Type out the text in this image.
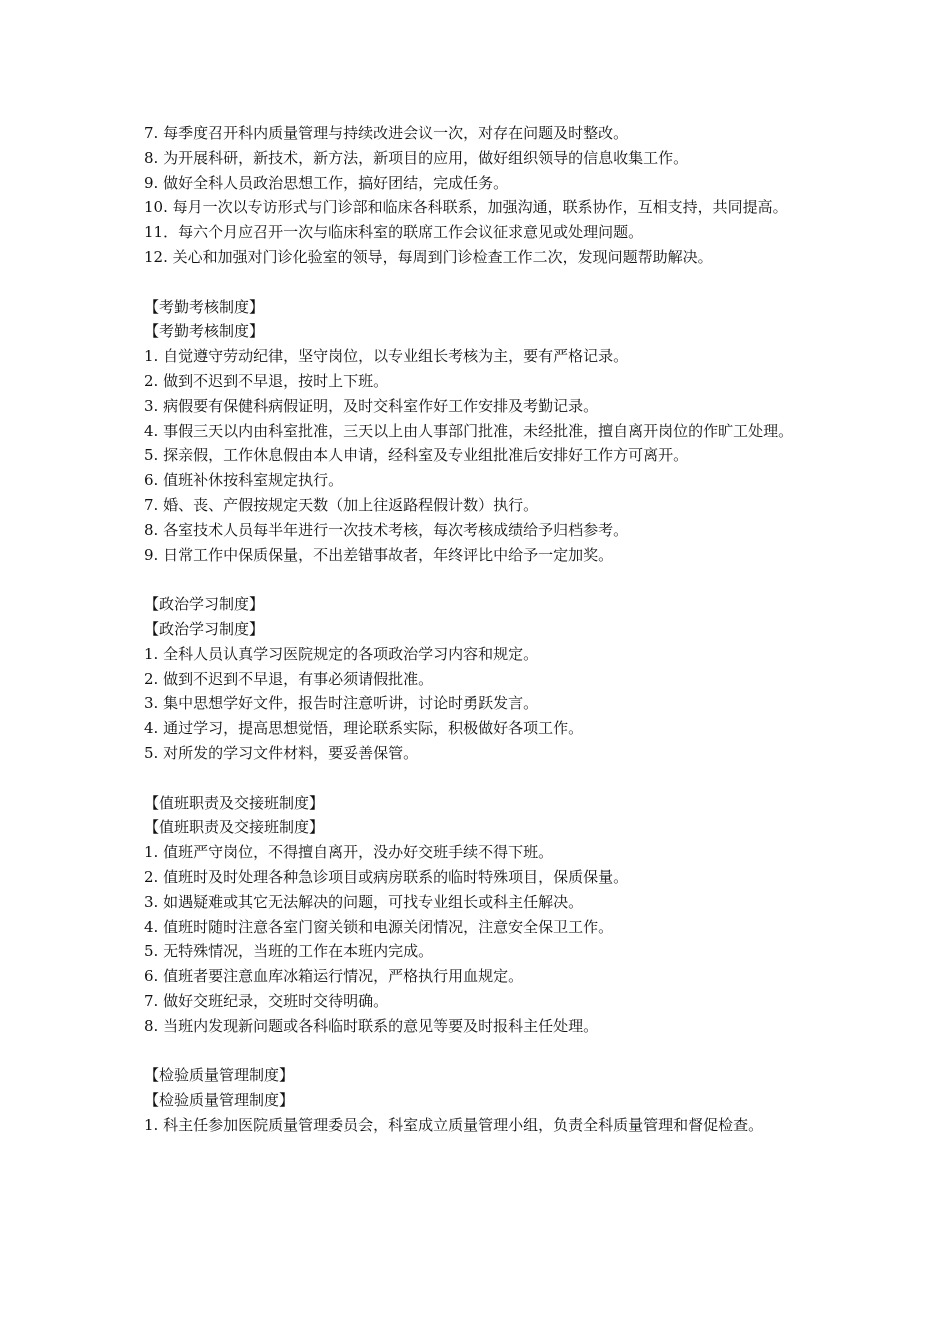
7. 每季度召开科内质量管理与持续改进会议一次，对存在问题及时整改。
8. 为开展科研，新技术，新方法，新项目的应用，做好组织领导的信息收集工作。
9. 做好全科人员政治思想工作，搞好团结，完成任务。
10. 每月一次以专访形式与门诊部和临床各科联系，加强沟通，联系协作，互相支持，共同提高。
11．每六个月应召开一次与临床科室的联席工作会议征求意见或处理问题。
12. 关心和加强对门诊化验室的领导，每周到门诊检查工作二次，发现问题帮助解决。
【考勤考核制度】
【考勤考核制度】
1. 自觉遵守劳动纪律，坚守岗位，以专业组长考核为主，要有严格记录。
2. 做到不迟到不早退，按时上下班。
3. 病假要有保健科病假证明，及时交科室作好工作安排及考勤记录。
4. 事假三天以内由科室批准，三天以上由人事部门批准，未经批准，擅自离开岗位的作旷工处理。
5. 探亲假，工作休息假由本人申请，经科室及专业组批准后安排好工作方可离开。
6. 值班补休按科室规定执行。
7. 婚、丧、产假按规定天数（加上往返路程假计数）执行。
8. 各室技术人员每半年进行一次技术考核，每次考核成绩给予归档参考。
9. 日常工作中保质保量，不出差错事故者，年终评比中给予一定加奖。
【政治学习制度】
【政治学习制度】
1. 全科人员认真学习医院规定的各项政治学习内容和规定。
2. 做到不迟到不早退，有事必须请假批准。
3. 集中思想学好文件，报告时注意听讲，讨论时勇跃发言。
4. 通过学习，提高思想觉悟，理论联系实际，积极做好各项工作。
5. 对所发的学习文件材料，要妥善保管。
【值班职责及交接班制度】
【值班职责及交接班制度】
1. 值班严守岗位，不得擅自离开，没办好交班手续不得下班。
2. 值班时及时处理各种急诊项目或病房联系的临时特殊项目，保质保量。
3. 如遇疑难或其它无法解决的问题，可找专业组长或科主任解决。
4. 值班时随时注意各室门窗关锁和电源关闭情况，注意安全保卫工作。
5. 无特殊情况，当班的工作在本班内完成。
6. 值班者要注意血库冰箱运行情况，严格执行用血规定。
7. 做好交班纪录，交班时交待明确。
8. 当班内发现新问题或各科临时联系的意见等要及时报科主任处理。
【检验质量管理制度】
【检验质量管理制度】
1. 科主任参加医院质量管理委员会，科室成立质量管理小组，负责全科质量管理和督促检查。
